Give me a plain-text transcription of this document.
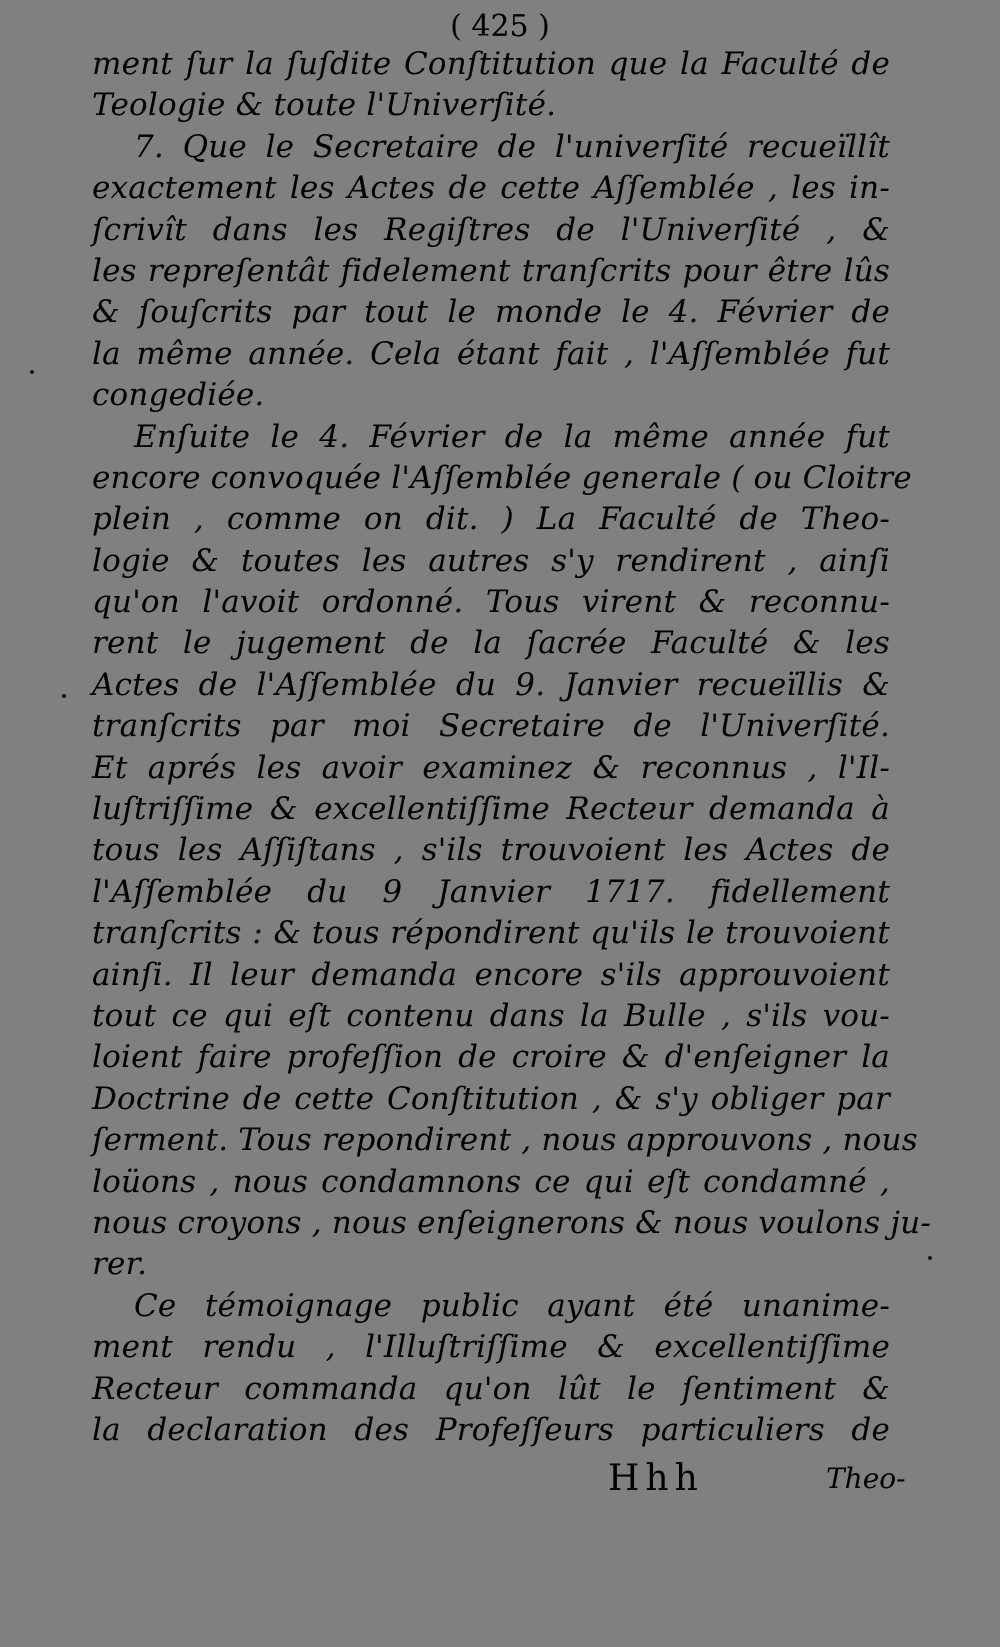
( 425 )
ment ſur la ſuſdite Conſtitution que la Faculté de
Teologie & toute l'Univerſité.
7. Que le Secretaire de l'univerſité recueïllît
exactement les Actes de cette Aſſemblée , les in-
ſcrivît dans les Regiſtres de l'Univerſité , &
les repreſentât fidelement tranſcrits pour être lûs
& ſouſcrits par tout le monde le 4. Février de
la même année. Cela étant fait , l'Aſſemblée fut
congediée.
Enſuite le 4. Février de la même année fut
encore convoquée l'Aſſemblée generale ( ou Cloitre
plein , comme on dit. ) La Faculté de Theo-
logie & toutes les autres s'y rendirent , ainſi
qu'on l'avoit ordonné. Tous virent & reconnu-
rent le jugement de la ſacrée Faculté & les
Actes de l'Aſſemblée du 9. Janvier recueïllis &
tranſcrits par moi Secretaire de l'Univerſité.
Et aprés les avoir examinez & reconnus , l'Il-
luſtriſſime & excellentiſſime Recteur demanda à
tous les Aſſiſtans , s'ils trouvoient les Actes de
l'Aſſemblée du 9 Janvier 1717. fidellement
tranſcrits : & tous répondirent qu'ils le trouvoient
ainſi. Il leur demanda encore s'ils approuvoient
tout ce qui eſt contenu dans la Bulle , s'ils vou-
loient faire profeſſion de croire & d'enſeigner la
Doctrine de cette Conſtitution , & s'y obliger par
ſerment. Tous repondirent , nous approuvons , nous
loüons , nous condamnons ce qui eſt condamné ,
nous croyons , nous enſeignerons & nous voulons ju-
rer.
Ce témoignage public ayant été unanime-
ment rendu , l'Illuſtriſſime & excellentiſſime
Recteur commanda qu'on lût le ſentiment &
la declaration des Profeſſeurs particuliers de
Hhh	Theo-
